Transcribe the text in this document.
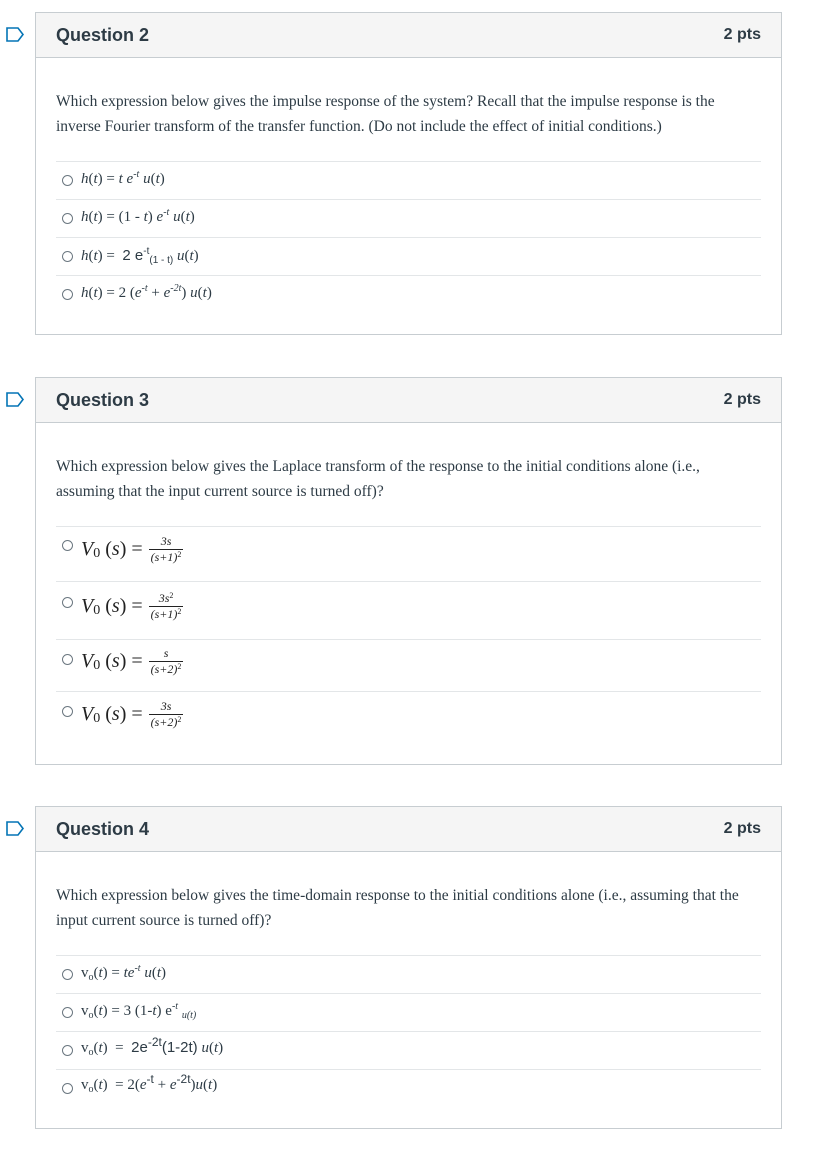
Question 2	2 pts
Which expression below gives the impulse response of the system? Recall that the impulse response is the inverse Fourier transform of the transfer function. (Do not include the effect of initial conditions.)
h(t) = t $e^{-t}$ u(t)
h(t) = (1 - t) $e^{-t}$ u(t)
h(t) =  2 $e^{-t}_{(1 - t)}$ u(t)
h(t) = 2 $(e^{-t} + e^{-2t})$ u(t)
Question 3	2 pts
Which expression below gives the Laplace transform of the response to the initial conditions alone (i.e., assuming that the input current source is turned off)?
V 0 ( s ) = $\frac{3s}{(s+1)^2}$
V 0 ( s ) = $\frac{3s^2}{(s+1)^2}$
V 0 ( s ) = $\frac{s}{(s+2)^2}$
V 0 ( s ) = $\frac{3s}{(s+2)^2}$
Question 4	2 pts
Which expression below gives the time-domain response to the initial conditions alone (i.e., assuming that the input current source is turned off)?
$v_o(t) = te^{-t}$ u(t)
$v_o(t) = 3$ (1-t) $e^{-t}$ $_{u(t)}$
$v_o(t) = 2e^{-2t}(1-2t)$ u(t)
$v_o(t) = 2(e^{-t} + e^{-2t})u(t)$
